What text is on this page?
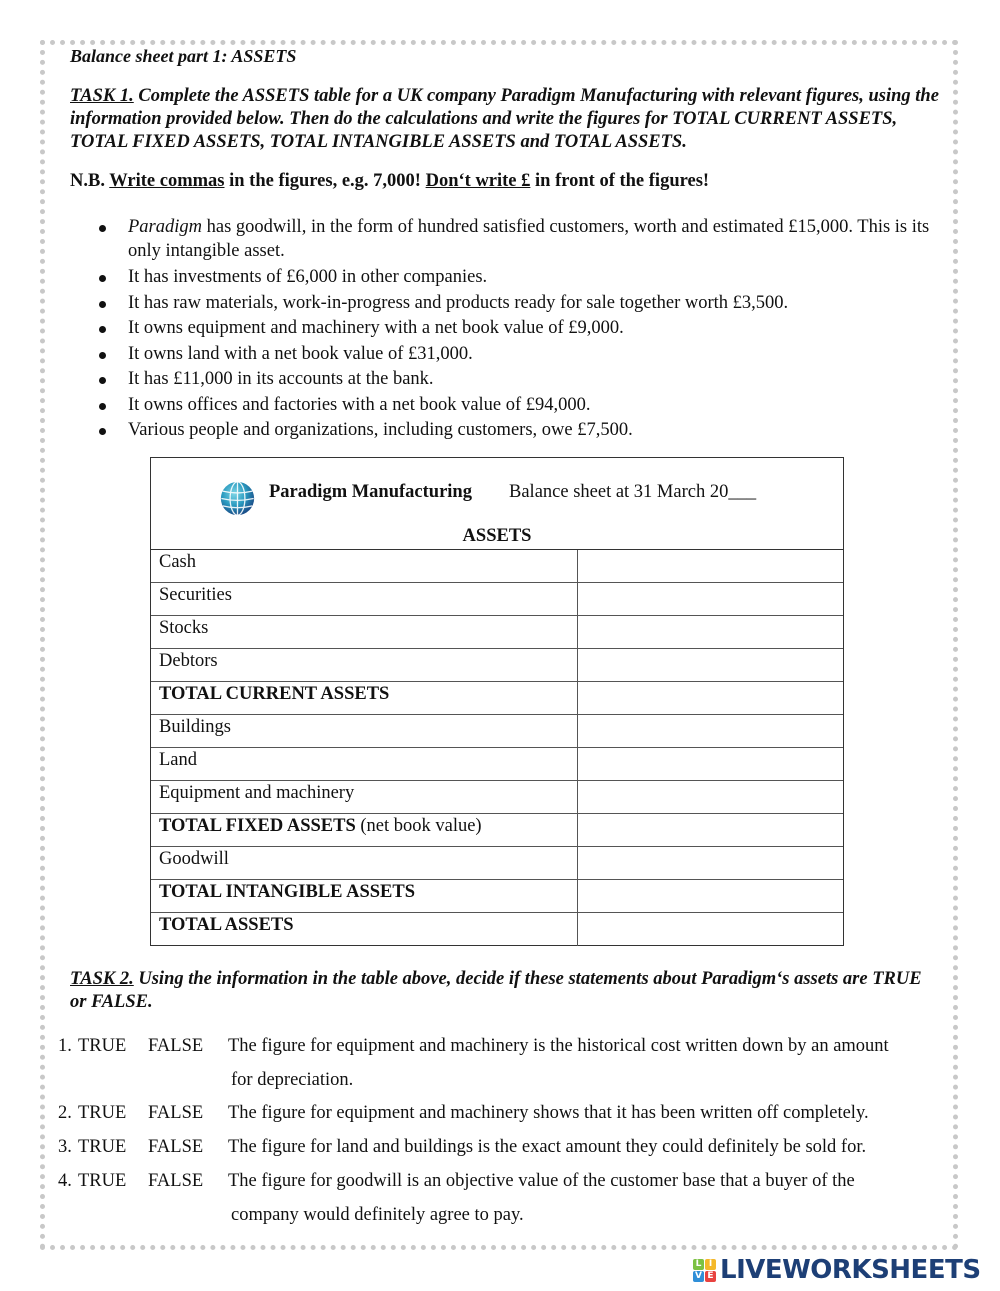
Balance sheet part 1: ASSETS
TASK 1. Complete the ASSETS table for a UK company Paradigm Manufacturing with relevant figures, using the information provided below. Then do the calculations and write the figures for TOTAL CURRENT ASSETS, TOTAL FIXED ASSETS, TOTAL INTANGIBLE ASSETS and TOTAL ASSETS.
N.B. Write commas in the figures, e.g. 7,000! Don‘t write £ in front of the figures!
Paradigm has goodwill, in the form of hundred satisfied customers, worth and estimated £15,000. This is its only intangible asset.
It has investments of £6,000 in other companies.
It has raw materials, work-in-progress and products ready for sale together worth £3,500.
It owns equipment and machinery with a net book value of £9,000.
It owns land with a net book value of £31,000.
It has £11,000 in its accounts at the bank.
It owns offices and factories with a net book value of £94,000.
Various people and organizations, including customers, owe £7,500.
Paradigm Manufacturing Balance sheet at 31 March 20___
ASSETS
Cash
Securities
Stocks
Debtors
TOTAL CURRENT ASSETS
Buildings
Land
Equipment and machinery
TOTAL FIXED ASSETS (net book value)
Goodwill
TOTAL INTANGIBLE ASSETS
TOTAL ASSETS
TASK 2. Using the information in the table above, decide if these statements about Paradigm‘s assets are TRUE or FALSE.
1. TRUE FALSE The figure for equipment and machinery is the historical cost written down by an amount
for depreciation.
2. TRUE FALSE The figure for equipment and machinery shows that it has been written off completely.
3. TRUE FALSE The figure for land and buildings is the exact amount they could definitely be sold for.
4. TRUE FALSE The figure for goodwill is an objective value of the customer base that a buyer of the
company would definitely agree to pay.
L I
V E LIVEWORKSHEETS
